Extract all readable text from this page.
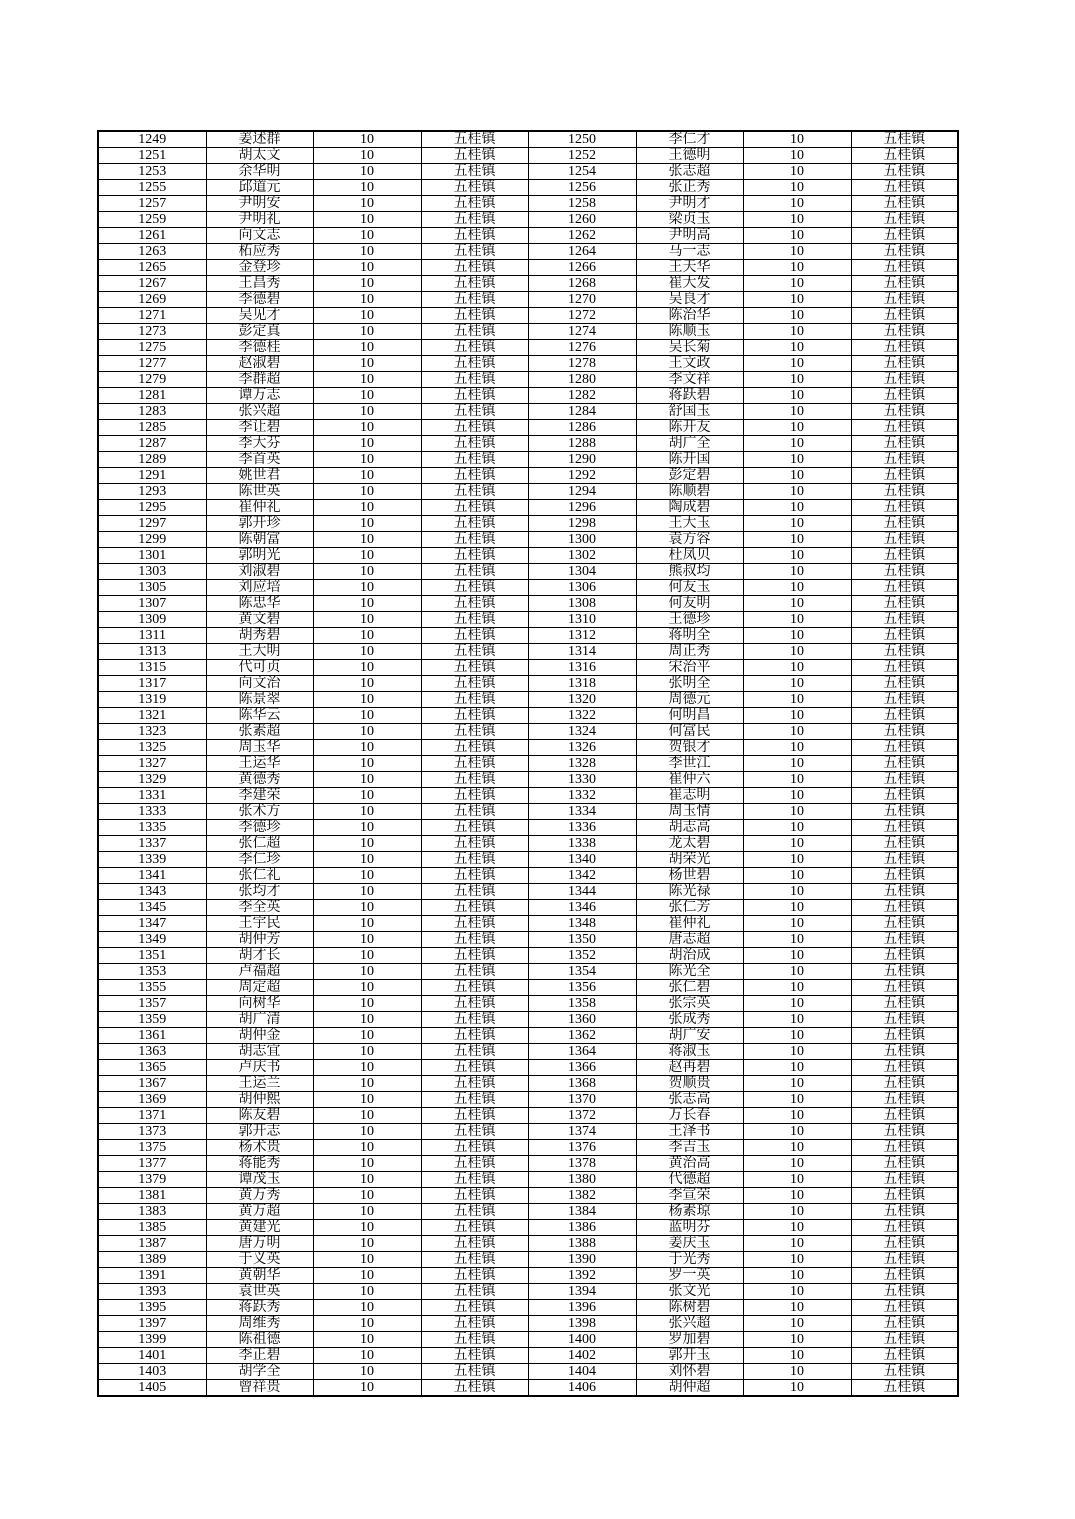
1249	姜述群	10	五桂镇	1250	李仁才	10	五桂镇
1251	胡太文	10	五桂镇	1252	王德明	10	五桂镇
1253	余华明	10	五桂镇	1254	张志超	10	五桂镇
1255	邱道元	10	五桂镇	1256	张正秀	10	五桂镇
1257	尹明安	10	五桂镇	1258	尹明才	10	五桂镇
1259	尹明礼	10	五桂镇	1260	梁贞玉	10	五桂镇
1261	向文志	10	五桂镇	1262	尹明高	10	五桂镇
1263	柘应秀	10	五桂镇	1264	马一志	10	五桂镇
1265	金登珍	10	五桂镇	1266	王天华	10	五桂镇
1267	王昌秀	10	五桂镇	1268	崔大发	10	五桂镇
1269	李德碧	10	五桂镇	1270	吴良才	10	五桂镇
1271	吴见才	10	五桂镇	1272	陈治华	10	五桂镇
1273	彭定真	10	五桂镇	1274	陈顺玉	10	五桂镇
1275	李德桂	10	五桂镇	1276	吴长菊	10	五桂镇
1277	赵淑碧	10	五桂镇	1278	王文政	10	五桂镇
1279	李群超	10	五桂镇	1280	李文祥	10	五桂镇
1281	谭万志	10	五桂镇	1282	蒋跃碧	10	五桂镇
1283	张兴超	10	五桂镇	1284	舒国玉	10	五桂镇
1285	李让碧	10	五桂镇	1286	陈开友	10	五桂镇
1287	李大芬	10	五桂镇	1288	胡广全	10	五桂镇
1289	李首英	10	五桂镇	1290	陈开国	10	五桂镇
1291	姚世君	10	五桂镇	1292	彭定碧	10	五桂镇
1293	陈世英	10	五桂镇	1294	陈顺碧	10	五桂镇
1295	崔仲礼	10	五桂镇	1296	陶成碧	10	五桂镇
1297	郭开珍	10	五桂镇	1298	王大玉	10	五桂镇
1299	陈朝富	10	五桂镇	1300	袁方容	10	五桂镇
1301	郭明光	10	五桂镇	1302	杜凤贝	10	五桂镇
1303	刘淑碧	10	五桂镇	1304	熊叔均	10	五桂镇
1305	刘应培	10	五桂镇	1306	何友玉	10	五桂镇
1307	陈忠华	10	五桂镇	1308	何友明	10	五桂镇
1309	黄文碧	10	五桂镇	1310	王德珍	10	五桂镇
1311	胡秀碧	10	五桂镇	1312	蒋明全	10	五桂镇
1313	王大明	10	五桂镇	1314	周正秀	10	五桂镇
1315	代可贞	10	五桂镇	1316	宋治平	10	五桂镇
1317	向文治	10	五桂镇	1318	张明全	10	五桂镇
1319	陈景翠	10	五桂镇	1320	周德元	10	五桂镇
1321	陈华云	10	五桂镇	1322	何明昌	10	五桂镇
1323	张素超	10	五桂镇	1324	何富民	10	五桂镇
1325	周玉华	10	五桂镇	1326	贺银才	10	五桂镇
1327	王运华	10	五桂镇	1328	李世江	10	五桂镇
1329	黄德秀	10	五桂镇	1330	崔仲六	10	五桂镇
1331	李建荣	10	五桂镇	1332	崔志明	10	五桂镇
1333	张术方	10	五桂镇	1334	周玉情	10	五桂镇
1335	李德珍	10	五桂镇	1336	胡志高	10	五桂镇
1337	张仁超	10	五桂镇	1338	龙太碧	10	五桂镇
1339	李仁珍	10	五桂镇	1340	胡荣光	10	五桂镇
1341	张仁礼	10	五桂镇	1342	杨世碧	10	五桂镇
1343	张均才	10	五桂镇	1344	陈光禄	10	五桂镇
1345	李全英	10	五桂镇	1346	张仁芳	10	五桂镇
1347	王宇民	10	五桂镇	1348	崔仲礼	10	五桂镇
1349	胡仲芳	10	五桂镇	1350	唐志超	10	五桂镇
1351	胡才长	10	五桂镇	1352	胡治成	10	五桂镇
1353	卢福超	10	五桂镇	1354	陈光全	10	五桂镇
1355	周定超	10	五桂镇	1356	张仁碧	10	五桂镇
1357	向树华	10	五桂镇	1358	张宗英	10	五桂镇
1359	胡广清	10	五桂镇	1360	张成秀	10	五桂镇
1361	胡仲金	10	五桂镇	1362	胡广安	10	五桂镇
1363	胡志宜	10	五桂镇	1364	蒋淑玉	10	五桂镇
1365	卢庆书	10	五桂镇	1366	赵再碧	10	五桂镇
1367	王运兰	10	五桂镇	1368	贺顺贵	10	五桂镇
1369	胡仲熙	10	五桂镇	1370	张志高	10	五桂镇
1371	陈友碧	10	五桂镇	1372	万长春	10	五桂镇
1373	郭开志	10	五桂镇	1374	王泽书	10	五桂镇
1375	杨术贵	10	五桂镇	1376	李吉玉	10	五桂镇
1377	蒋能秀	10	五桂镇	1378	黄治高	10	五桂镇
1379	谭茂玉	10	五桂镇	1380	代德超	10	五桂镇
1381	黄万秀	10	五桂镇	1382	李宣荣	10	五桂镇
1383	黄万超	10	五桂镇	1384	杨素琼	10	五桂镇
1385	黄建光	10	五桂镇	1386	蓝明芬	10	五桂镇
1387	唐万明	10	五桂镇	1388	姜庆玉	10	五桂镇
1389	于义英	10	五桂镇	1390	于光秀	10	五桂镇
1391	黄朝华	10	五桂镇	1392	罗一英	10	五桂镇
1393	袁世英	10	五桂镇	1394	张文光	10	五桂镇
1395	蒋跃秀	10	五桂镇	1396	陈树碧	10	五桂镇
1397	周维秀	10	五桂镇	1398	张兴超	10	五桂镇
1399	陈祖德	10	五桂镇	1400	罗加碧	10	五桂镇
1401	李正碧	10	五桂镇	1402	郭开玉	10	五桂镇
1403	胡学全	10	五桂镇	1404	刘怀碧	10	五桂镇
1405	曾祥贵	10	五桂镇	1406	胡仲超	10	五桂镇
